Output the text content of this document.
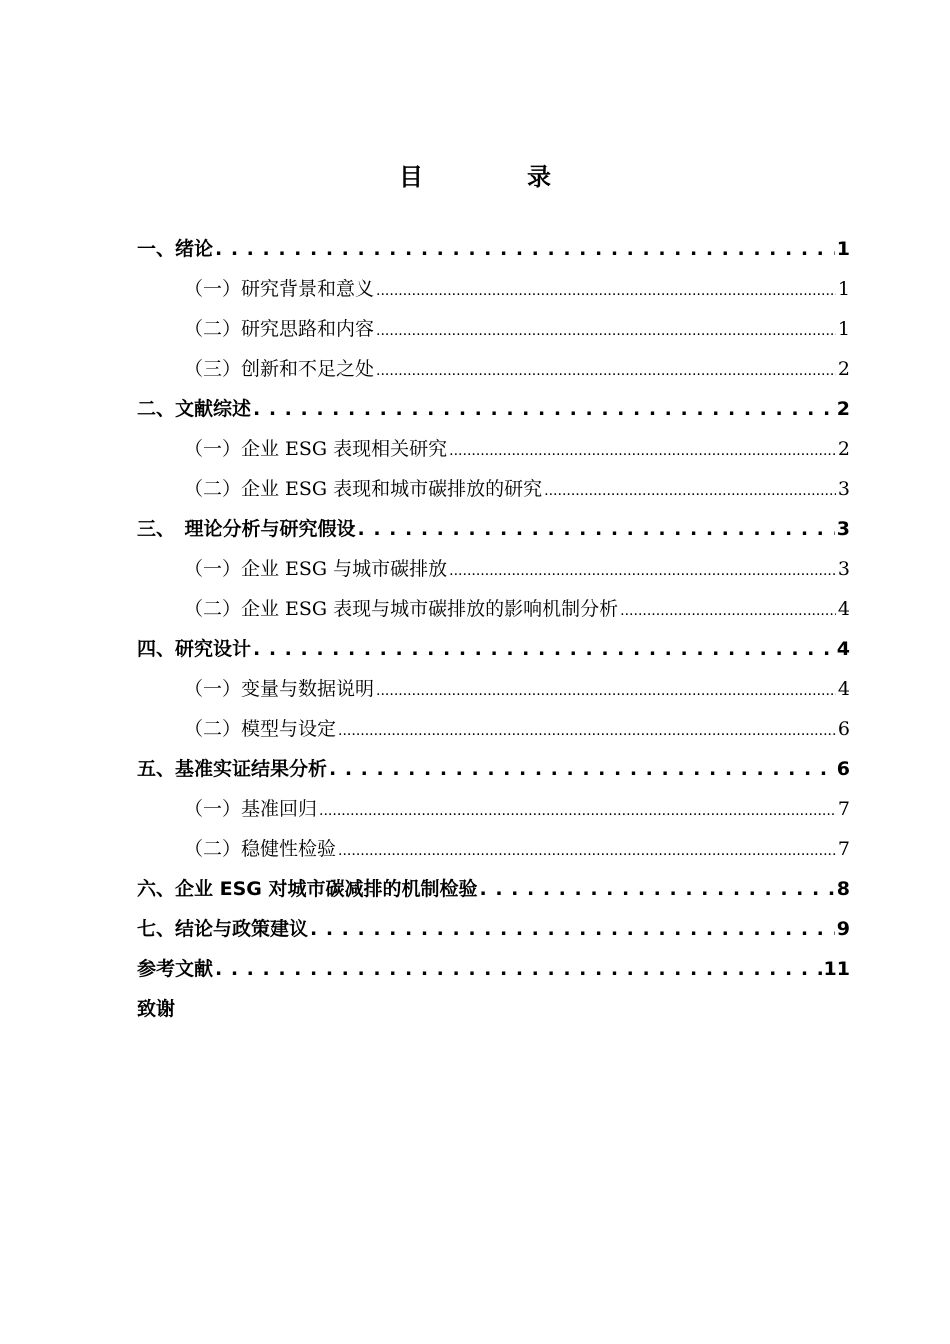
目　录
一、绪论 . . .	1
（一）研究背景和意义 .....	1
（二）研究思路和内容 .....	1
（三）创新和不足之处 .....	2
二、文献综述 . . .	2
（一）企业 ESG 表现相关研究 .....	2
（二）企业 ESG 表现和城市碳排放的研究 .....	3
三、　理论分析与研究假设 . . .	3
（一）企业 ESG 与城市碳排放 .....	3
（二）企业 ESG 表现与城市碳排放的影响机制分析 .....	4
四、研究设计 . . .	4
（一）变量与数据说明 .....	4
（二）模型与设定 .....	6
五、基准实证结果分析 . . .	6
（一）基准回归 .....	7
（二）稳健性检验 .....	7
六、企业 ESG 对城市碳减排的机制检验 . . .	8
七、结论与政策建议 . . .	9
参考文献 . . .	11
致谢
